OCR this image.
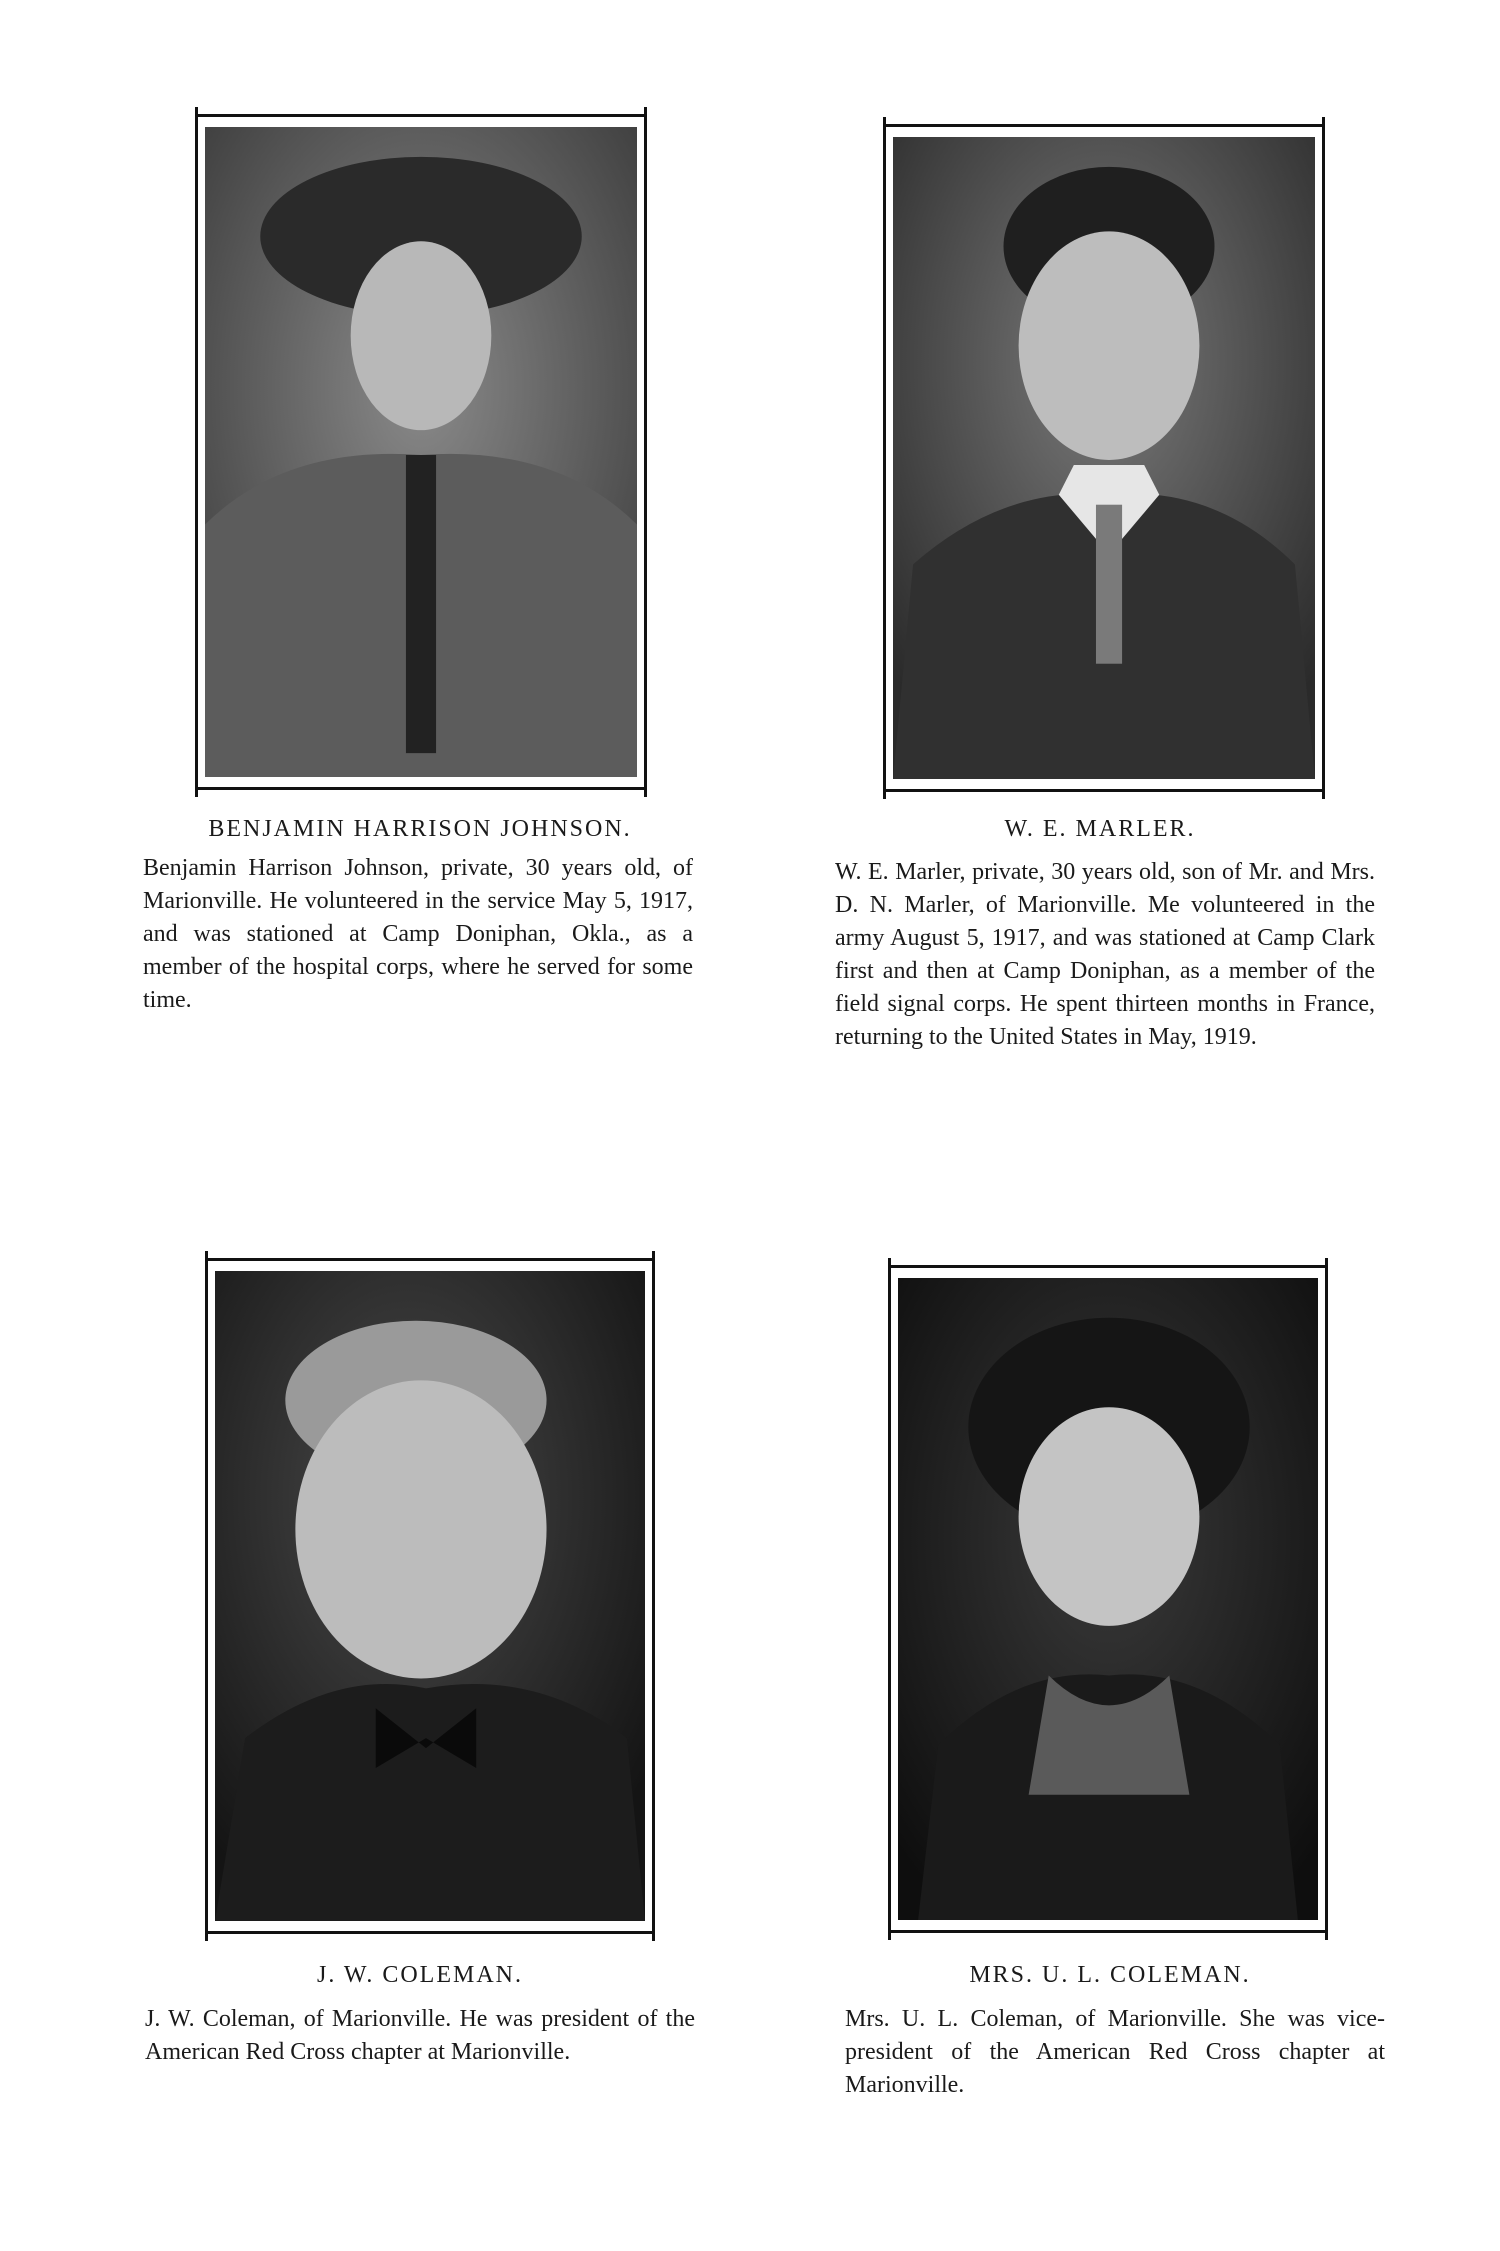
BENJAMIN HARRISON JOHNSON.
Benjamin Harrison Johnson, private, 30 years old, of Marionville. He volunteered in the service May 5, 1917, and was stationed at Camp Doniphan, Okla., as a member of the hospital corps, where he served for some time.
W. E. MARLER.
W. E. Marler, private, 30 years old, son of Mr. and Mrs. D. N. Marler, of Marionville. Me volunteered in the army August 5, 1917, and was stationed at Camp Clark first and then at Camp Doniphan, as a member of the field signal corps. He spent thirteen months in France, returning to the United States in May, 1919.
J. W. COLEMAN.
J. W. Coleman, of Marionville. He was president of the American Red Cross chapter at Marionville.
MRS. U. L. COLEMAN.
Mrs. U. L. Coleman, of Marionville. She was vice-president of the American Red Cross chapter at Marionville.
